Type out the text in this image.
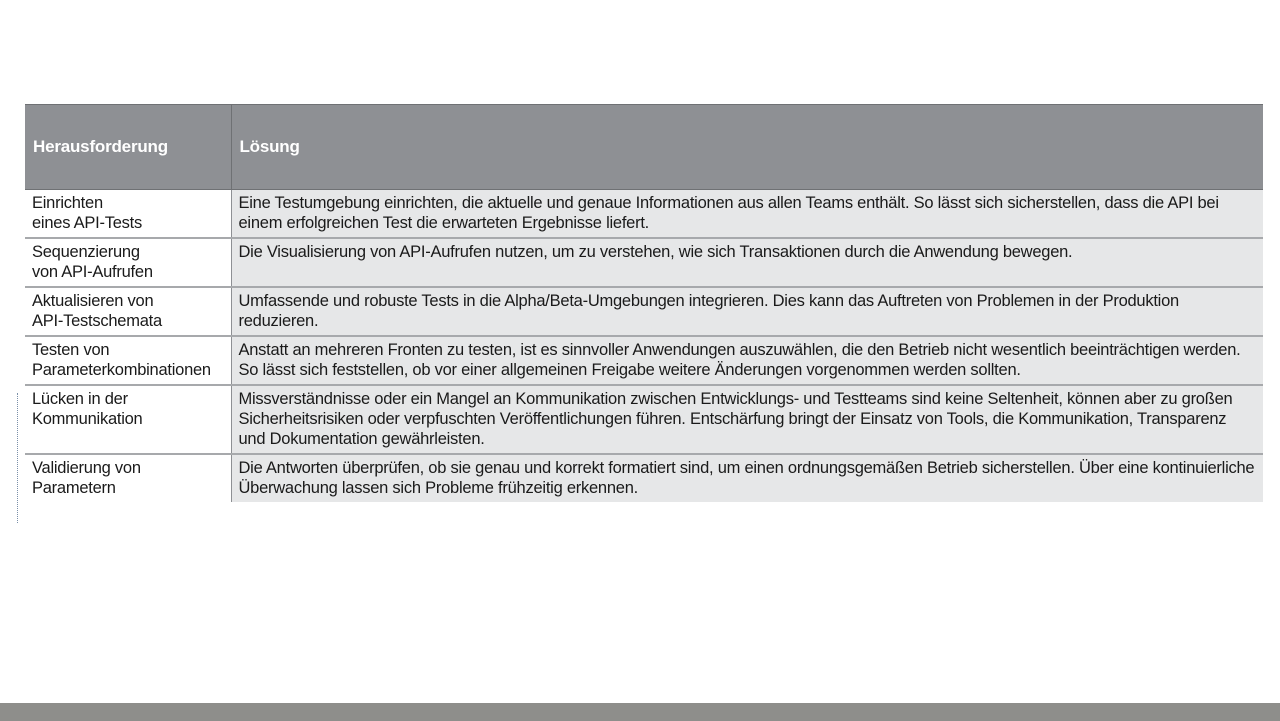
Herausforderung	Lösung
Einrichten
eines API-Tests	Eine Testumgebung einrichten, die aktuelle und genaue Informationen aus allen Teams enthält. So lässt sich sicherstellen, dass die API bei einem erfolgreichen Test die erwarteten Ergebnisse liefert.
Sequenzierung
von API-Aufrufen	Die Visualisierung von API-Aufrufen nutzen, um zu verstehen, wie sich Transaktionen durch die Anwendung bewegen.
Aktualisieren von
API-Testschemata	Umfassende und robuste Tests in die Alpha/Beta-Umgebungen integrieren. Dies kann das Auftreten von Problemen in der Produktion reduzieren.
Testen von
Parameterkombinationen	Anstatt an mehreren Fronten zu testen, ist es sinnvoller Anwendungen auszuwählen, die den Betrieb nicht wesentlich beeinträchtigen werden. So lässt sich feststellen, ob vor einer allgemeinen Freigabe weitere Änderungen vorgenommen werden sollten.
Lücken in der
Kommunikation	Missverständnisse oder ein Mangel an Kommunikation zwischen Entwicklungs- und Testteams sind keine Seltenheit, können aber zu großen Sicherheitsrisiken oder verpfuschten Veröffentlichungen führen. Entschärfung bringt der Einsatz von Tools, die Kommunikation, Transparenz und Dokumentation gewährleisten.
Validierung von
Parametern	Die Antworten überprüfen, ob sie genau und korrekt formatiert sind, um einen ordnungsgemäßen Betrieb sicherstellen. Über eine kontinuierliche Überwachung lassen sich Probleme frühzeitig erkennen.
